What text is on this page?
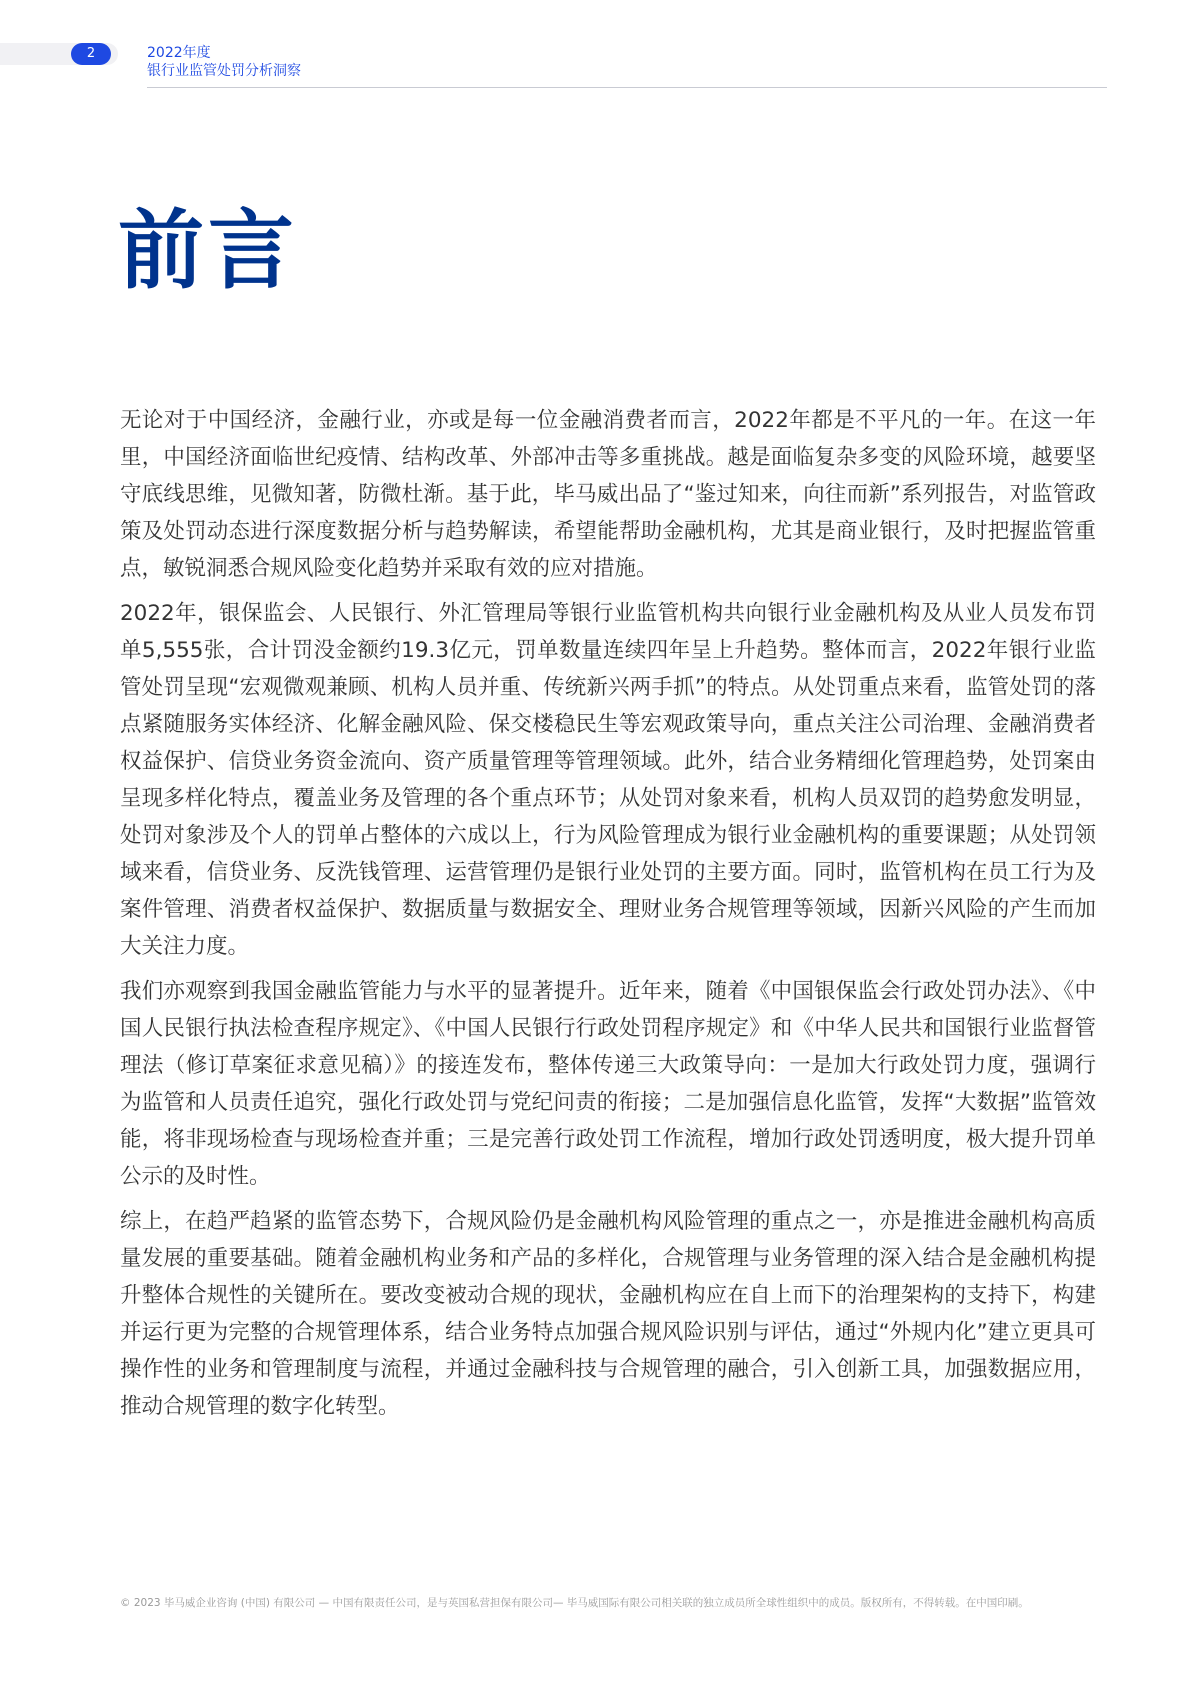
2	2022年度
银行业监管处罚分析洞察
前言

无论对于中国经济，金融行业，亦或是每一位金融消费者而言，2022年都是不平凡的一年。在这一年里，中国经济面临世纪疫情、结构改革、外部冲击等多重挑战。越是面临复杂多变的风险环境，越要坚守底线思维，见微知著，防微杜渐。基于此，毕马威出品了“鉴过知来，向往而新”系列报告，对监管政策及处罚动态进行深度数据分析与趋势解读，希望能帮助金融机构，尤其是商业银行，及时把握监管重点，敏锐洞悉合规风险变化趋势并采取有效的应对措施。

2022年，银保监会、人民银行、外汇管理局等银行业监管机构共向银行业金融机构及从业人员发布罚单5,555张，合计罚没金额约19.3亿元，罚单数量连续四年呈上升趋势。整体而言，2022年银行业监管处罚呈现“宏观微观兼顾、机构人员并重、传统新兴两手抓”的特点。从处罚重点来看，监管处罚的落点紧随服务实体经济、化解金融风险、保交楼稳民生等宏观政策导向，重点关注公司治理、金融消费者权益保护、信贷业务资金流向、资产质量管理等管理领域。此外，结合业务精细化管理趋势，处罚案由呈现多样化特点，覆盖业务及管理的各个重点环节；从处罚对象来看，机构人员双罚的趋势愈发明显，处罚对象涉及个人的罚单占整体的六成以上，行为风险管理成为银行业金融机构的重要课题；从处罚领域来看，信贷业务、反洗钱管理、运营管理仍是银行业处罚的主要方面。同时，监管机构在员工行为及案件管理、消费者权益保护、数据质量与数据安全、理财业务合规管理等领域，因新兴风险的产生而加大关注力度。

我们亦观察到我国金融监管能力与水平的显著提升。近年来，随着《中国银保监会行政处罚办法》、《中国人民银行执法检查程序规定》、《中国人民银行行政处罚程序规定》和《中华人民共和国银行业监督管理法（修订草案征求意见稿）》的接连发布，整体传递三大政策导向：一是加大行政处罚力度，强调行为监管和人员责任追究，强化行政处罚与党纪问责的衔接；二是加强信息化监管，发挥“大数据”监管效能，将非现场检查与现场检查并重；三是完善行政处罚工作流程，增加行政处罚透明度，极大提升罚单公示的及时性。

综上，在趋严趋紧的监管态势下，合规风险仍是金融机构风险管理的重点之一，亦是推进金融机构高质量发展的重要基础。随着金融机构业务和产品的多样化，合规管理与业务管理的深入结合是金融机构提升整体合规性的关键所在。要改变被动合规的现状，金融机构应在自上而下的治理架构的支持下，构建并运行更为完整的合规管理体系，结合业务特点加强合规风险识别与评估，通过“外规内化”建立更具可操作性的业务和管理制度与流程，并通过金融科技与合规管理的融合，引入创新工具，加强数据应用，推动合规管理的数字化转型。

© 2023 毕马威企业咨询 (中国) 有限公司 — 中国有限责任公司，是与英国私营担保有限公司— 毕马威国际有限公司相关联的独立成员所全球性组织中的成员。版权所有，不得转载。在中国印刷。
